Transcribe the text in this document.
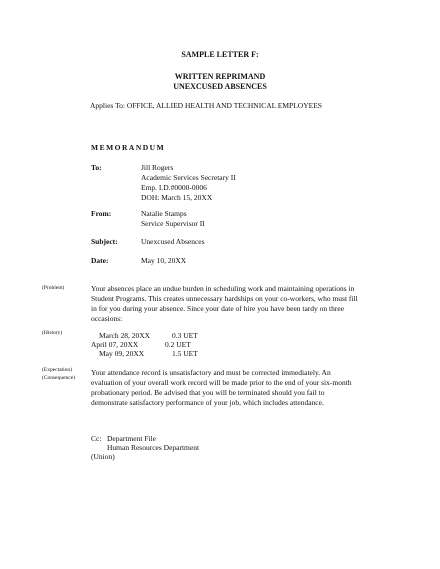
SAMPLE LETTER F:
WRITTEN REPRIMAND
UNEXCUSED ABSENCES
Applies To: OFFICE, ALLIED HEALTH AND TECHNICAL EMPLOYEES
MEMORANDUM
To:	Jill Rogers
Academic Services Secretary II
Emp. I.D.#0000-0006
DOH: March 15, 20XX
From:	Natalie Stamps
Service Supervisor II
Subject:	Unexcused Absences
Date:	May 10, 20XX
(Problem)	Your absences place an undue burden in scheduling work and maintaining operations in
Student Programs. This creates unnecessary hardships on your co-workers, who must fill
in for you during your absence. Since your date of hire you have been tardy on three
occasions:
(History)	March 28, 20XX	0.3 UET
April 07, 20XX	0.2 UET
May 09, 20XX	1.5 UET
(Expectation)
(Consequence)
Your attendance record is unsatisfactory and must be corrected immediately. An
evaluation of your overall work record will be made prior to the end of your six-month
probationary period. Be advised that you will be terminated should you fail to
demonstrate satisfactory performance of your job, which includes attendance.
Cc: Department File
Human Resources Department
(Union)
